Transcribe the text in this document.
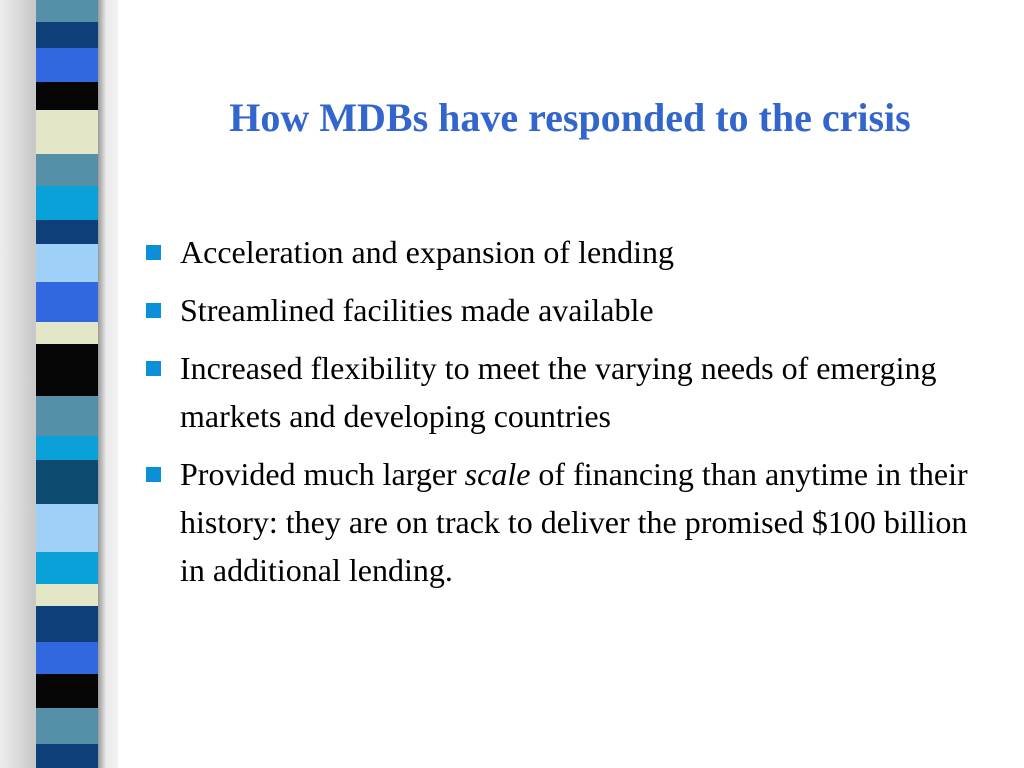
How MDBs have responded to the crisis
Acceleration and expansion of lending
Streamlined facilities made available
Increased flexibility to meet the varying needs of emerging markets and developing countries
Provided much larger scale of financing than anytime in their history: they are on track to deliver the promised $100 billion in additional lending.
